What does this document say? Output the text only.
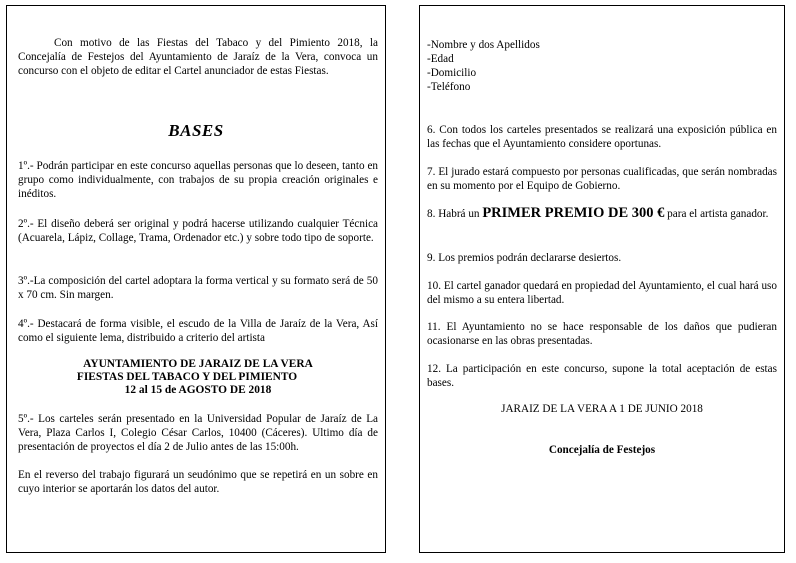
Con motivo de las Fiestas del Tabaco y del Pimiento 2018, la Concejalía de Festejos del Ayuntamiento de Jaraíz de la Vera, convoca un concurso con el objeto de editar el Cartel anunciador de estas Fiestas.
BASES
1º.- Podrán participar en este concurso aquellas personas que lo deseen, tanto en grupo como individualmente, con trabajos de su propia creación originales e inéditos.
2º.- El diseño deberá ser original y podrá hacerse utilizando cualquier Técnica (Acuarela, Lápiz, Collage, Trama, Ordenador etc.) y sobre todo tipo de soporte.
3º.-La composición del cartel adoptara la forma vertical y su formato será de 50 x 70 cm. Sin margen.
4º.- Destacará de forma visible, el escudo de la Villa de Jaraíz de la Vera, Así como el siguiente lema, distribuido a criterio del artista
AYUNTAMIENTO DE JARAIZ DE LA VERA
FIESTAS DEL TABACO Y DEL PIMIENTO
12 al 15 de AGOSTO DE 2018
5º.- Los carteles serán presentado en la Universidad Popular de Jaraíz de La Vera, Plaza Carlos I, Colegio César Carlos, 10400 (Cáceres). Ultimo día de presentación de proyectos el día 2 de Julio antes de las 15:00h.
En el reverso del trabajo figurará un seudónimo que se repetirá en un sobre en cuyo interior se aportarán los datos del autor.
-Nombre y dos Apellidos
-Edad
-Domicilio
-Teléfono
6. Con todos los carteles presentados se realizará una exposición pública en las fechas que el Ayuntamiento considere oportunas.
7. El jurado estará compuesto por personas cualificadas, que serán nombradas en su momento por el Equipo de Gobierno.
8. Habrá un PRIMER PREMIO DE 300 € para el artista ganador.
9. Los premios podrán declararse desiertos.
10. El cartel ganador quedará en propiedad del Ayuntamiento, el cual hará uso del mismo a su entera libertad.
11. El Ayuntamiento no se hace responsable de los daños que pudieran ocasionarse en las obras presentadas.
12. La participación en este concurso, supone la total aceptación de estas bases.
JARAIZ DE LA VERA A 1 DE JUNIO 2018
Concejalía de Festejos
